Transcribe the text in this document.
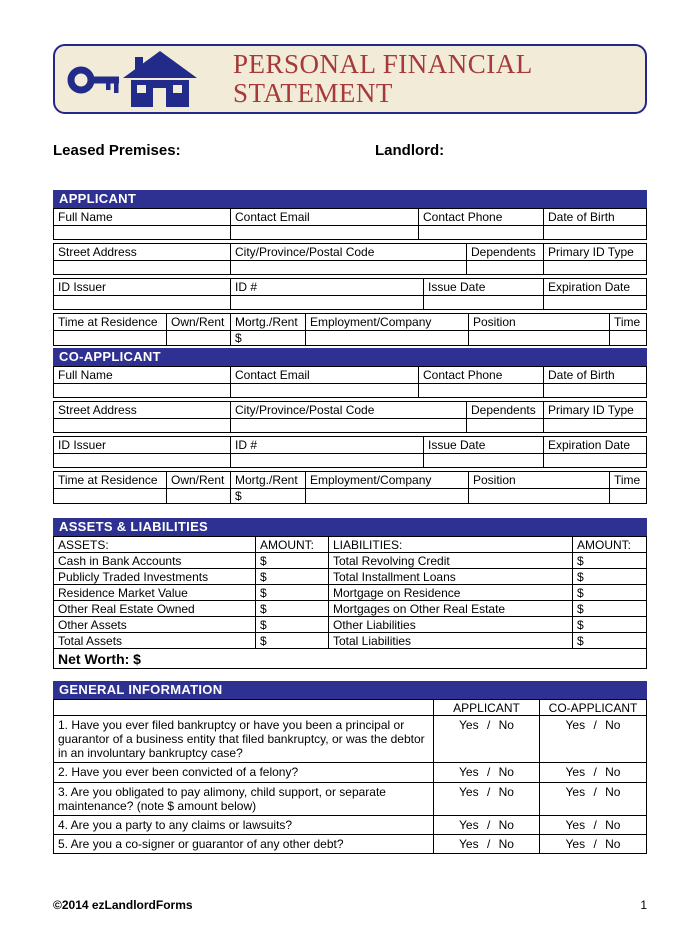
PERSONAL FINANCIAL
STATEMENT
Leased Premises:	Landlord:
APPLICANT
Full Name	Contact Email	Contact Phone	Date of Birth

Street Address	City/Province/Postal Code	Dependents	Primary ID Type

ID Issuer	ID #	Issue Date	Expiration Date

Time at Residence	Own/Rent	Mortg./Rent	Employment/Company	Position	Time
		$			
CO-APPLICANT
Full Name	Contact Email	Contact Phone	Date of Birth

Street Address	City/Province/Postal Code	Dependents	Primary ID Type

ID Issuer	ID #	Issue Date	Expiration Date

Time at Residence	Own/Rent	Mortg./Rent	Employment/Company	Position	Time
		$			
ASSETS & LIABILITIES
ASSETS:	AMOUNT:	LIABILITIES:	AMOUNT:
Cash in Bank Accounts	$	Total Revolving Credit	$
Publicly Traded Investments	$	Total Installment Loans	$
Residence Market Value	$	Mortgage on Residence	$
Other Real Estate Owned	$	Mortgages on Other Real Estate	$
Other Assets	$	Other Liabilities	$
Total Assets	$	Total Liabilities	$
Net Worth: $			
GENERAL INFORMATION
	APPLICANT	CO-APPLICANT
1. Have you ever filed bankruptcy or have you been a principal or guarantor of a business entity that filed bankruptcy, or was the debtor in an involuntary bankruptcy case?	Yes / No	Yes / No
2. Have you ever been convicted of a felony?	Yes / No	Yes / No
3. Are you obligated to pay alimony, child support, or separate maintenance? (note $ amount below)	Yes / No	Yes / No
4. Are you a party to any claims or lawsuits?	Yes / No	Yes / No
5. Are you a co-signer or guarantor of any other debt?	Yes / No	Yes / No
©2014 ezLandlordForms	1
